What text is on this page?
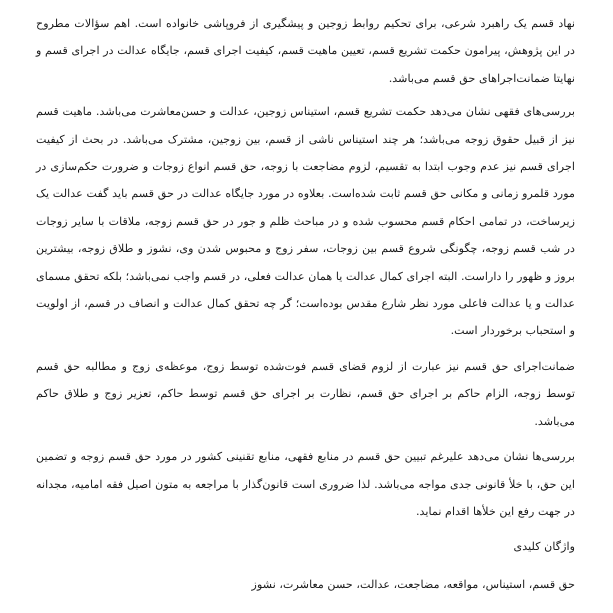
نهاد قسم یک راهبرد شرعی، برای تحکیم روابط زوجین و پیشگیری از فروپاشی خانواده است. اهم سؤالات مطروح در این پژوهش، پیرامون حکمت تشریع قسم، تعیین ماهیت قسم، کیفیت اجرای قسم، جایگاه عدالت در اجرای قسم و نهایتا ضمانت‌اجراهای حق قسم می‌باشد.

بررسی‌های فقهی نشان می‌دهد حکمت تشریع قسم، استیناس زوجین، عدالت و حسن‌معاشرت می‌باشد. ماهیت قسم نیز از قبیل حقوق زوجه می‌باشد؛ هر چند استیناس ناشی از قسم، بین زوجین، مشترک می‌باشد. در بحث از کیفیت اجرای قسم نیز عدم وجوب ابتدا به تقسیم، لزوم مضاجعت با زوجه، حق قسم انواع زوجات و ضرورت حکم‌سازی در مورد قلمرو زمانی و مکانی حق قسم ثابت شده‌است. بعلاوه در مورد جایگاه عدالت در حق قسم باید گفت عدالت یک زیرساخت، در تمامی احکام قسم محسوب شده و در مباحث ظلم و جور در حق قسم زوجه، ملاقات با سایر زوجات در شب قسم زوجه، چگونگی شروع قسم بین زوجات، سفر زوج و محبوس شدن وی، نشوز و طلاق زوجه، بیشترین بروز و ظهور را داراست. البته اجرای کمال عدالت یا همان عدالت فعلی، در قسم واجب نمی‌باشد؛ بلکه تحقق مسمای عدالت و یا عدالت فاعلی مورد نظر شارع مقدس بوده‌است؛ گر چه تحقق کمال عدالت و انصاف در قسم، از اولویت و استحباب برخوردار است.

ضمانت‌اجرای حق قسم نیز عبارت از لزوم قضای قسم فوت‌شده توسط زوج، موعظه‌ی زوج و مطالبه حق قسم توسط زوجه، الزام حاکم بر اجرای حق قسم، نظارت بر اجرای حق قسم توسط حاکم، تعزیر زوج و طلاق حاکم می‌باشد.

بررسی‌ها نشان می‌دهد علیرغم تبیین حق قسم در منابع فقهی، منابع تقنینی کشور در مورد حق قسم زوجه و تضمین این حق، با خلأ قانونی جدی مواجه می‌باشد. لذا ضروری است قانون‌گذار با مراجعه به متون اصیل فقه امامیه، مجدانه در جهت رفع این خلأها اقدام نماید.

واژگان کلیدی

حق قسم، استیناس، مواقعه، مضاجعت، عدالت، حسن معاشرت، نشوز
